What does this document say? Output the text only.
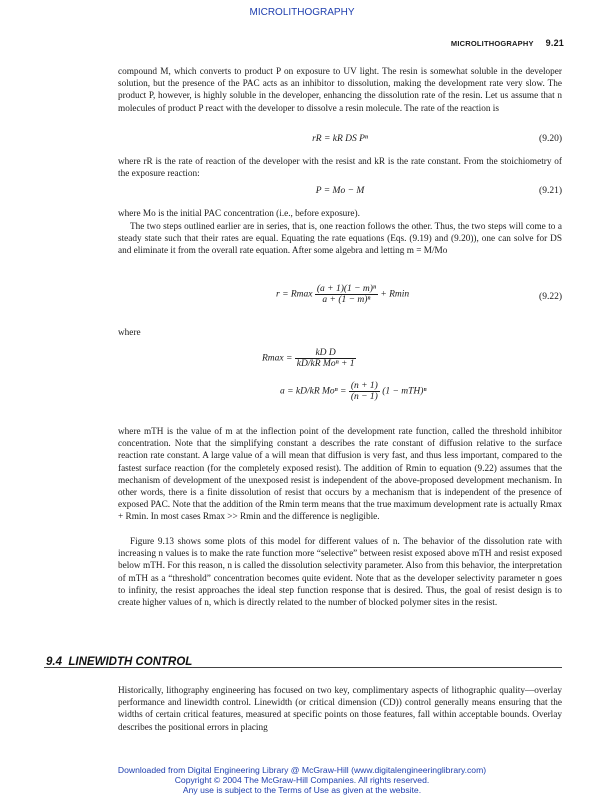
MICROLITHOGRAPHY
MICROLITHOGRAPHY 9.21

compound M, which converts to product P on exposure to UV light. The resin is somewhat soluble in the developer solution, but the presence of the PAC acts as an inhibitor to dissolution, making the development rate very slow. The product P, however, is highly soluble in the developer, enhancing the dissolution rate of the resin. Let us assume that n molecules of product P react with the developer to dissolve a resin molecule. The rate of the reaction is

rR = kR DS Pⁿ	(9.20)

where rR is the rate of reaction of the developer with the resist and kR is the rate constant. From the stoichiometry of the exposure reaction:

P = Mo − M	(9.21)

where Mo is the initial PAC concentration (i.e., before exposure).

The two steps outlined earlier are in series, that is, one reaction follows the other. Thus, the two steps will come to a steady state such that their rates are equal. Equating the rate equations (Eqs. (9.19) and (9.20)), one can solve for DS and eliminate it from the overall rate equation. After some algebra and letting m = M/Mo

r = Rmax $\frac{\text{(a + 1)(1 − m)ⁿ}}{\text{a + (1 − m)ⁿ}} + Rmin$	(9.22)

where

$Rmax = \frac{\text{kD D}}{\text{kD/kR Moⁿ + 1}}$
a = kD/kR $Mo^n = \frac{(n + 1)}{(n - 1)} (1 - mTH)^n$

where mTH is the value of m at the inflection point of the development rate function, called the threshold inhibitor concentration. Note that the simplifying constant a describes the rate constant of diffusion relative to the surface reaction rate constant. A large value of a will mean that diffusion is very fast, and thus less important, compared to the fastest surface reaction (for the completely exposed resist). The addition of Rmin to equation (9.22) assumes that the mechanism of development of the unexposed resist is independent of the above-proposed development mechanism. In other words, there is a finite dissolution of resist that occurs by a mechanism that is independent of the presence of exposed PAC. Note that the addition of the Rmin term means that the true maximum development rate is actually Rmax + Rmin. In most cases Rmax >> Rmin and the difference is negligible.

Figure 9.13 shows some plots of this model for different values of n. The behavior of the dissolution rate with increasing n values is to make the rate function more “selective” between resist exposed above mTH and resist exposed below mTH. For this reason, n is called the dissolution selectivity parameter. Also from this behavior, the interpretation of mTH as a “threshold” concentration becomes quite evident. Note that as the developer selectivity parameter n goes to infinity, the resist approaches the ideal step function response that is desired. Thus, the goal of resist design is to create higher values of n, which is directly related to the number of blocked polymer sites in the resist.

9.4 LINEWIDTH CONTROL

Historically, lithography engineering has focused on two key, complimentary aspects of lithographic quality—overlay performance and linewidth control. Linewidth (or critical dimension (CD)) control generally means ensuring that the widths of certain critical features, measured at specific points on those features, fall within acceptable bounds. Overlay describes the positional errors in placing

Downloaded from Digital Engineering Library @ McGraw-Hill (www.digitalengineeringlibrary.com)
Copyright © 2004 The McGraw-Hill Companies. All rights reserved.
Any use is subject to the Terms of Use as given at the website.
